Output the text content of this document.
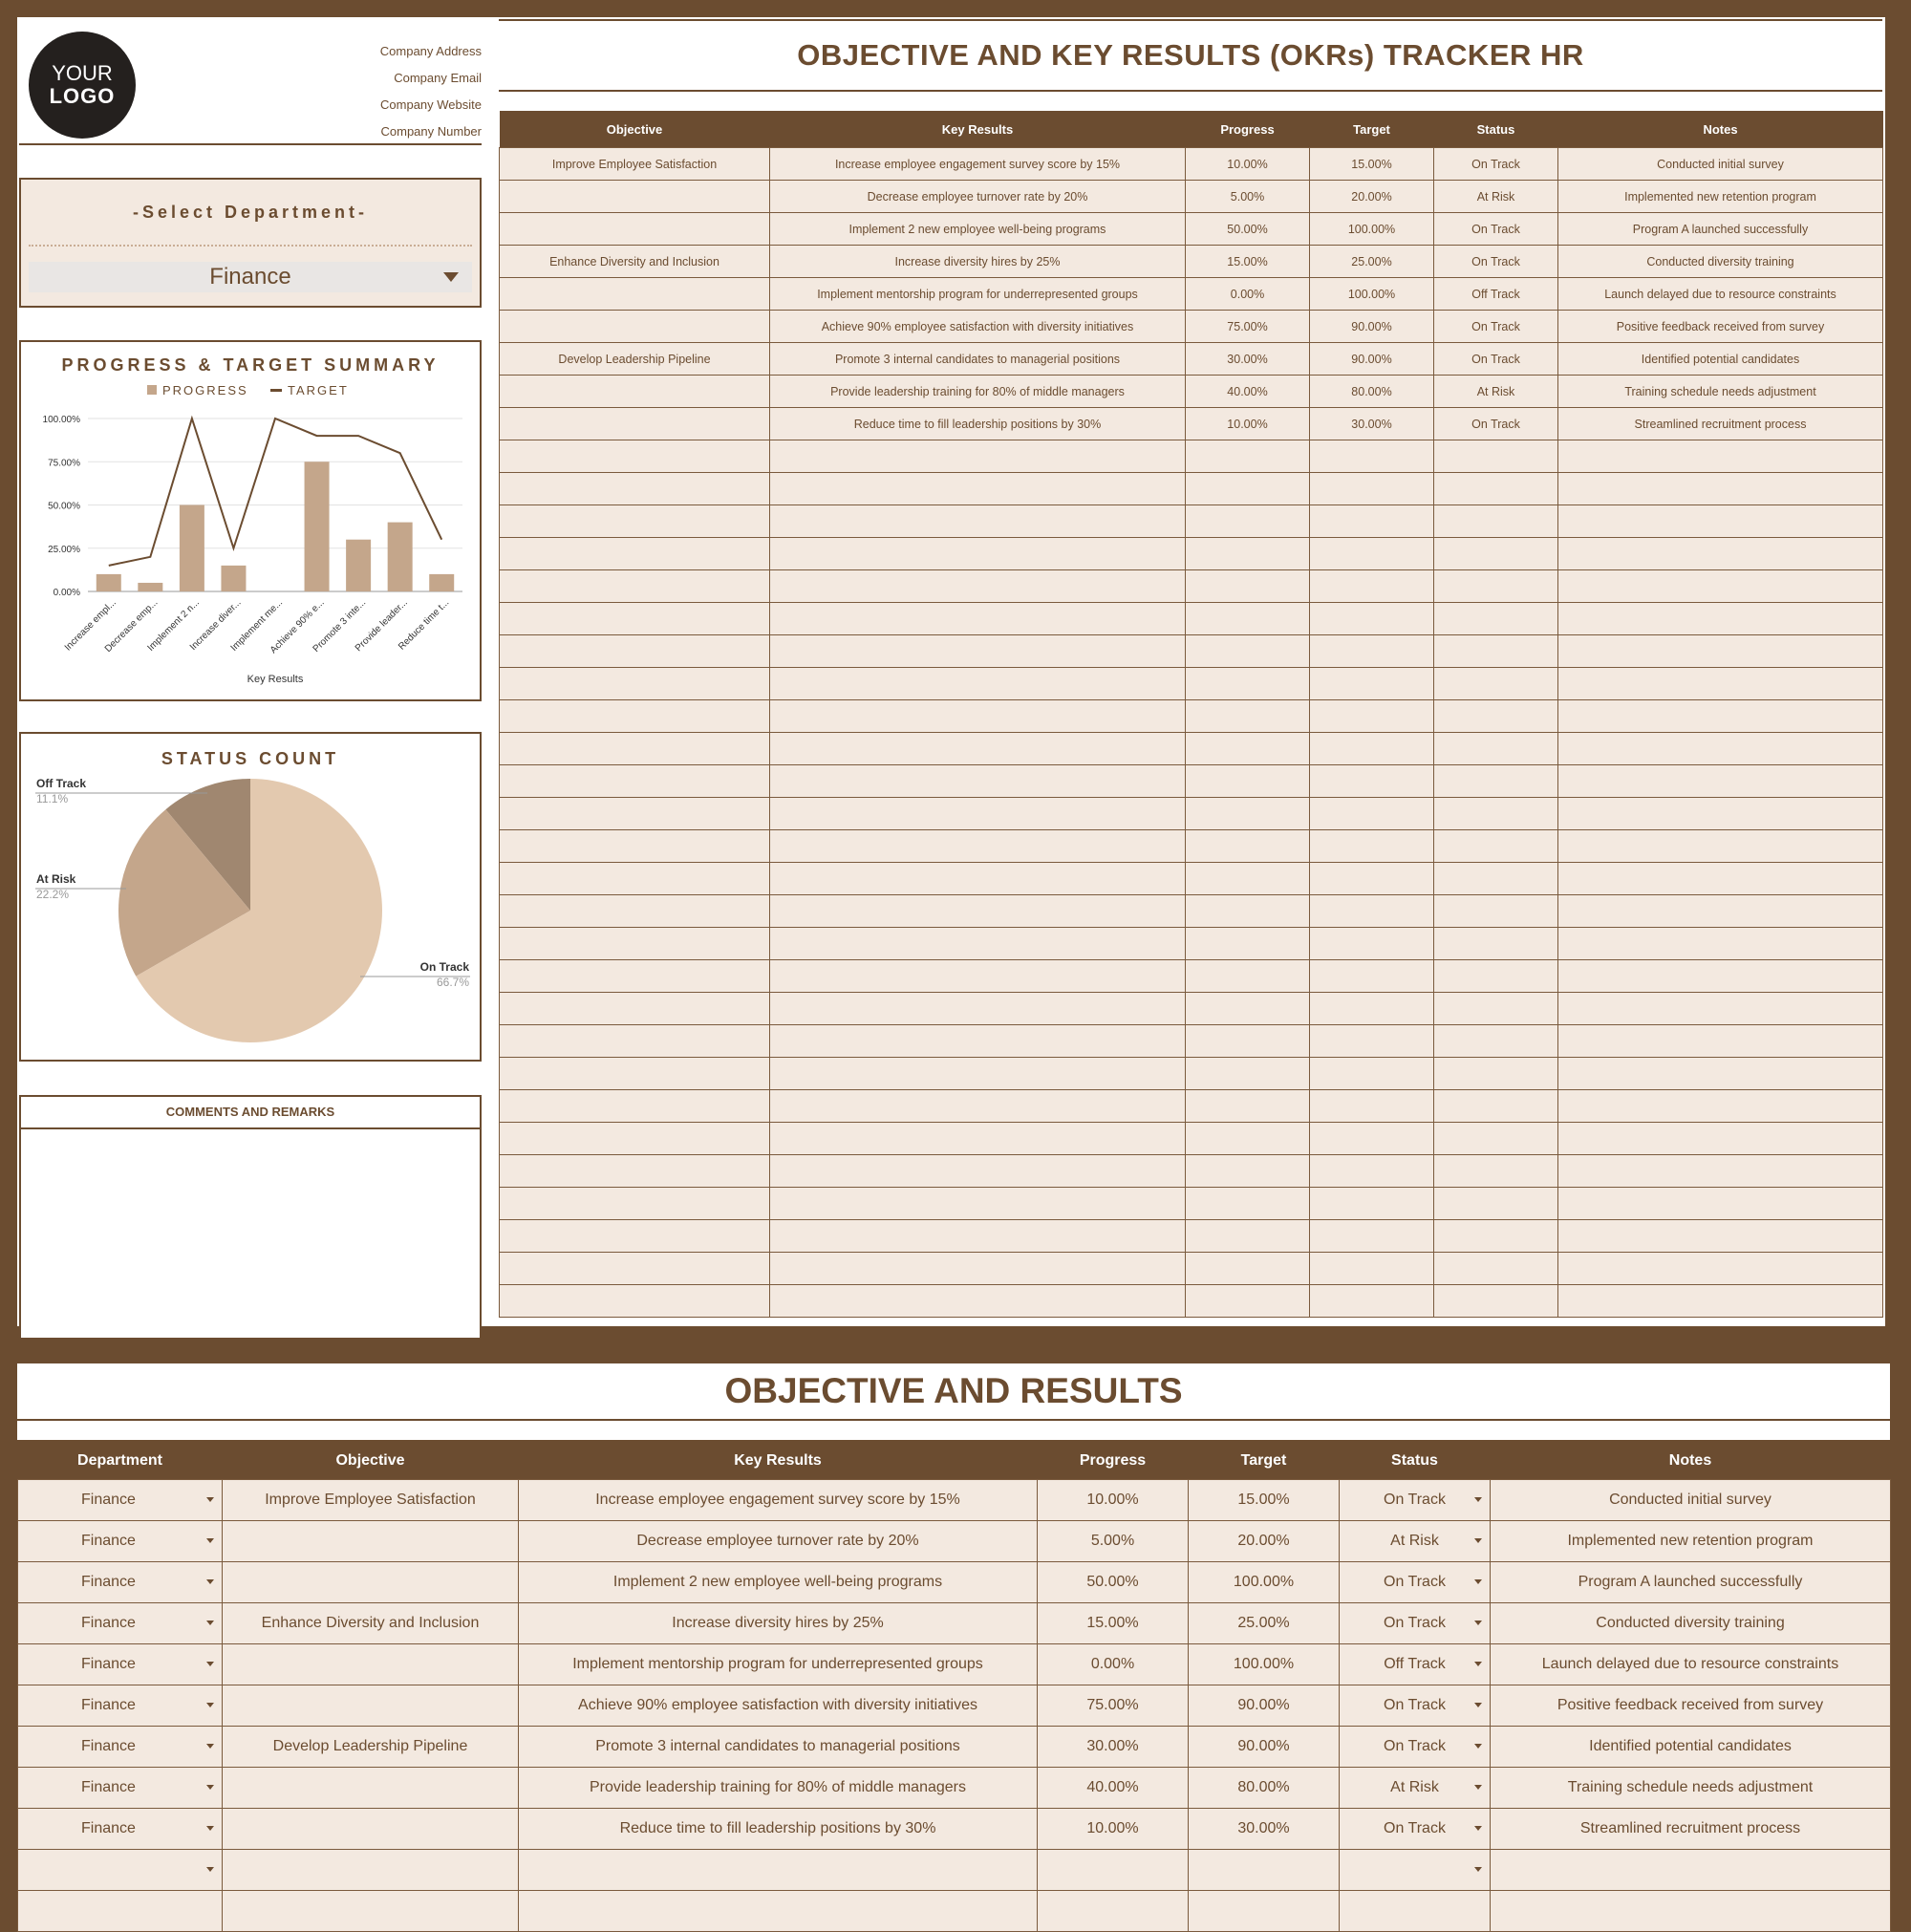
YOUR
LOGO
Company Address
Company Email
Company Website
Company Number
-Select Department-
Finance
PROGRESS & TARGET SUMMARY
PROGRESS	TARGET
100.00%
75.00%
50.00%
25.00%
0.00%
Increase empl...
Decrease emp...
Implement 2 n...
Increase diver...
Implement me...
Achieve 90% e...
Promote 3 inte...
Provide leader...
Reduce time t...
Key Results
STATUS COUNT
Off Track
11.1%
At Risk
22.2%
On Track
66.7%
COMMENTS AND REMARKS
OBJECTIVE AND KEY RESULTS (OKRs) TRACKER HR
Objective	Key Results	Progress	Target	Status	Notes
Improve Employee Satisfaction	Increase employee engagement survey score by 15%	10.00%	15.00%	On Track	Conducted initial survey
	Decrease employee turnover rate by 20%	5.00%	20.00%	At Risk	Implemented new retention program
	Implement 2 new employee well-being programs	50.00%	100.00%	On Track	Program A launched successfully
Enhance Diversity and Inclusion	Increase diversity hires by 25%	15.00%	25.00%	On Track	Conducted diversity training
	Implement mentorship program for underrepresented groups	0.00%	100.00%	Off Track	Launch delayed due to resource constraints
	Achieve 90% employee satisfaction with diversity initiatives	75.00%	90.00%	On Track	Positive feedback received from survey
Develop Leadership Pipeline	Promote 3 internal candidates to managerial positions	30.00%	90.00%	On Track	Identified potential candidates
	Provide leadership training for 80% of middle managers	40.00%	80.00%	At Risk	Training schedule needs adjustment
	Reduce time to fill leadership positions by 30%	10.00%	30.00%	On Track	Streamlined recruitment process

OBJECTIVE AND RESULTS
Department	Objective	Key Results	Progress	Target	Status	Notes
Finance	Improve Employee Satisfaction	Increase employee engagement survey score by 15%	10.00%	15.00%	On Track	Conducted initial survey
Finance		Decrease employee turnover rate by 20%	5.00%	20.00%	At Risk	Implemented new retention program
Finance		Implement 2 new employee well-being programs	50.00%	100.00%	On Track	Program A launched successfully
Finance	Enhance Diversity and Inclusion	Increase diversity hires by 25%	15.00%	25.00%	On Track	Conducted diversity training
Finance		Implement mentorship program for underrepresented groups	0.00%	100.00%	Off Track	Launch delayed due to resource constraints
Finance		Achieve 90% employee satisfaction with diversity initiatives	75.00%	90.00%	On Track	Positive feedback received from survey
Finance	Develop Leadership Pipeline	Promote 3 internal candidates to managerial positions	30.00%	90.00%	On Track	Identified potential candidates
Finance		Provide leadership training for 80% of middle managers	40.00%	80.00%	At Risk	Training schedule needs adjustment
Finance		Reduce time to fill leadership positions by 30%	10.00%	30.00%	On Track	Streamlined recruitment process
